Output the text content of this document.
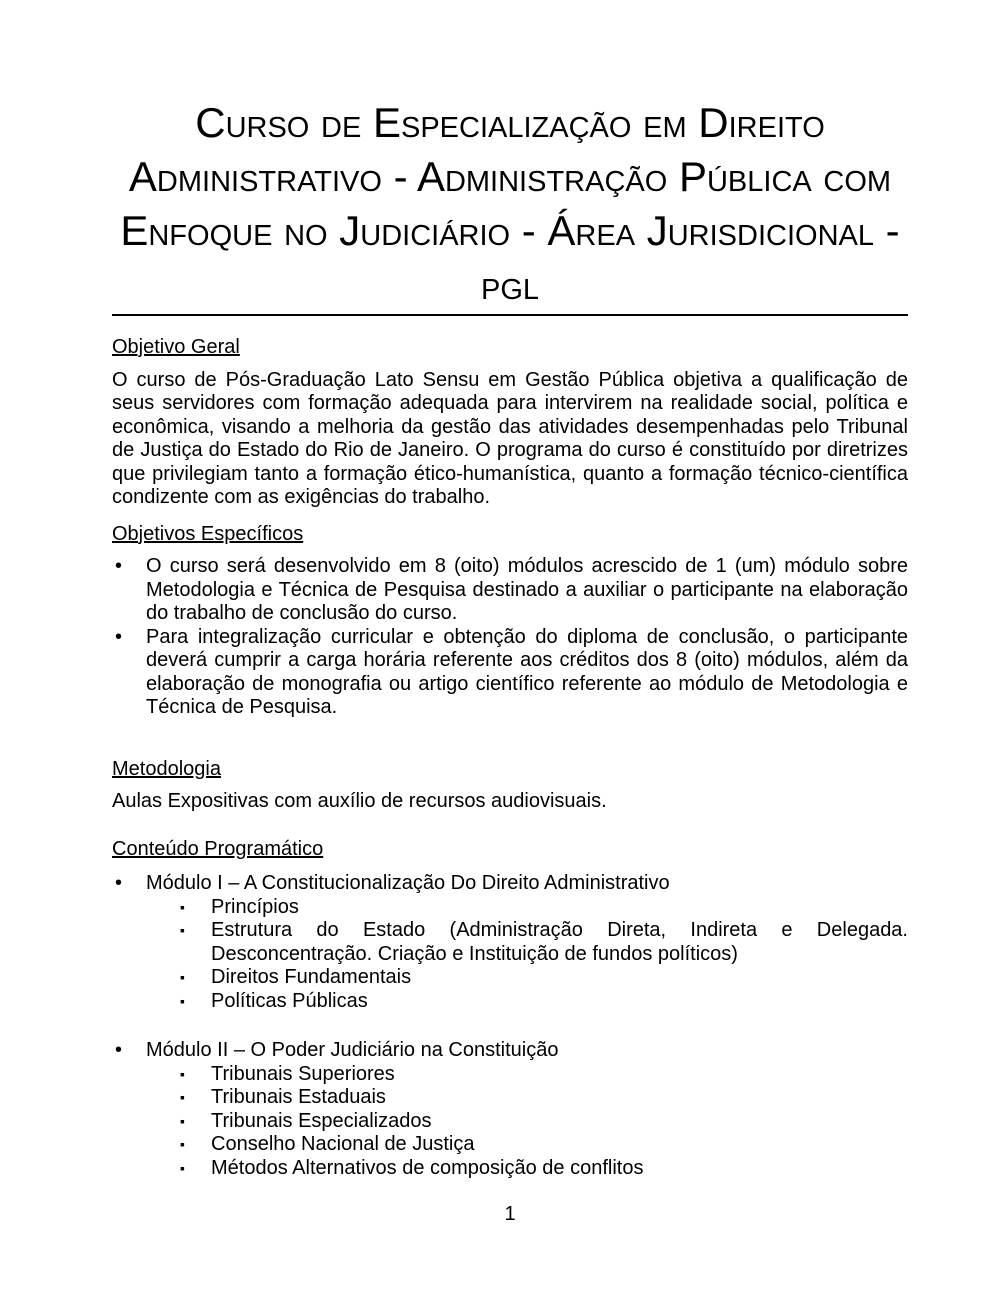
Curso de Especialização em Direito
Administrativo - Administração Pública com
Enfoque no Judiciário - Área Jurisdicional -
pgl
Objetivo Geral

O curso de Pós-Graduação Lato Sensu em Gestão Pública objetiva a qualificação de seus servidores com formação adequada para intervirem na realidade social, política e econômica, visando a melhoria da gestão das atividades desempenhadas pelo Tribunal de Justiça do Estado do Rio de Janeiro. O programa do curso é constituído por diretrizes que privilegiam tanto a formação ético-humanística, quanto a formação técnico-científica condizente com as exigências do trabalho.

Objetivos Específicos
•	O curso será desenvolvido em 8 (oito) módulos acrescido de 1 (um) módulo sobre Metodologia e Técnica de Pesquisa destinado a auxiliar o participante na elaboração do trabalho de conclusão do curso.
•	Para integralização curricular e obtenção do diploma de conclusão, o participante deverá cumprir a carga horária referente aos créditos dos 8 (oito) módulos, além da elaboração de monografia ou artigo científico referente ao módulo de Metodologia e Técnica de Pesquisa.
Metodologia

Aulas Expositivas com auxílio de recursos audiovisuais.

Conteúdo Programático
•	Módulo I – A Constitucionalização Do Direito Administrativo
▪	Princípios
▪	Estrutura do Estado (Administração Direta, Indireta e Delegada. Desconcentração. Criação e Instituição de fundos políticos)
▪	Direitos Fundamentais
▪	Políticas Públicas
•	Módulo II – O Poder Judiciário na Constituição
▪	Tribunais Superiores
▪	Tribunais Estaduais
▪	Tribunais Especializados
▪	Conselho Nacional de Justiça
▪	Métodos Alternativos de composição de conflitos
1
